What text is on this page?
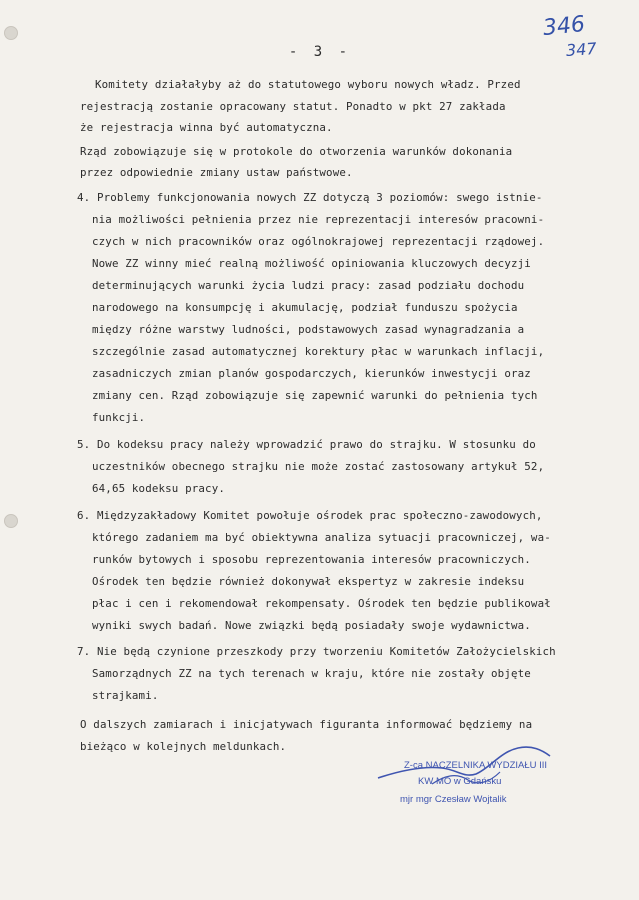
346
347
- 3 -
Komitety działałyby aż do statutowego wyboru nowych władz. Przed
rejestracją zostanie opracowany statut. Ponadto w pkt 27 zakłada
że rejestracja winna być automatyczna.
Rząd zobowiązuje się w protokole do otworzenia warunków dokonania
przez odpowiednie zmiany ustaw państwowe.
4. Problemy funkcjonowania nowych ZZ dotyczą 3 poziomów: swego istnie-
nia możliwości pełnienia przez nie reprezentacji interesów pracowni-
czych w nich pracowników oraz ogólnokrajowej reprezentacji rządowej.
Nowe ZZ winny mieć realną możliwość opiniowania kluczowych decyzji
determinujących warunki życia ludzi pracy: zasad podziału dochodu
narodowego na konsumpcję i akumulację, podział funduszu spożycia
między różne warstwy ludności, podstawowych zasad wynagradzania a
szczególnie zasad automatycznej korektury płac w warunkach inflacji,
zasadniczych zmian planów gospodarczych, kierunków inwestycji oraz
zmiany cen. Rząd zobowiązuje się zapewnić warunki do pełnienia tych
funkcji.
5. Do kodeksu pracy należy wprowadzić prawo do strajku. W stosunku do
uczestników obecnego strajku nie może zostać zastosowany artykuł 52,
64,65 kodeksu pracy.
6. Międzyzakładowy Komitet powołuje ośrodek prac społeczno-zawodowych,
którego zadaniem ma być obiektywna analiza sytuacji pracowniczej, wa-
runków bytowych i sposobu reprezentowania interesów pracowniczych.
Ośrodek ten będzie również dokonywał ekspertyz w zakresie indeksu
płac i cen i rekomendował rekompensaty. Ośrodek ten będzie publikował
wyniki swych badań. Nowe związki będą posiadały swoje wydawnictwa.
7. Nie będą czynione przeszkody przy tworzeniu Komitetów Założycielskich
Samorządnych ZZ na tych terenach w kraju, które nie zostały objęte
strajkami.
O dalszych zamiarach i inicjatywach figuranta informować będziemy na
bieżąco w kolejnych meldunkach.
Z-ca NACZELNIKA WYDZIAŁU III
KW MO w Gdańsku
mjr mgr Czesław Wojtalik
